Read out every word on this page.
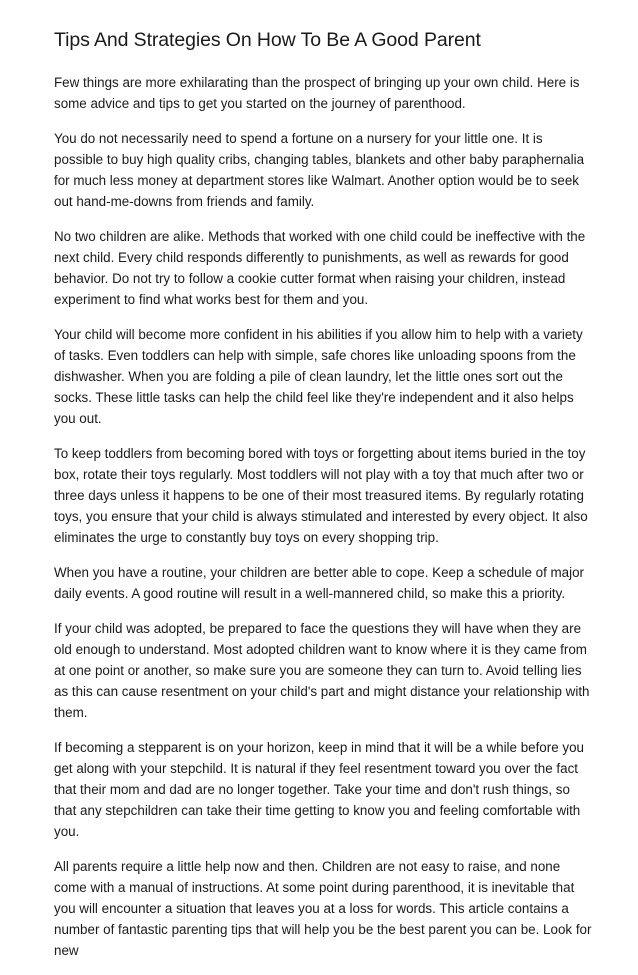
Tips And Strategies On How To Be A Good Parent

Few things are more exhilarating than the prospect of bringing up your own child. Here is some advice and tips to get you started on the journey of parenthood.

You do not necessarily need to spend a fortune on a nursery for your little one. It is possible to buy high quality cribs, changing tables, blankets and other baby paraphernalia for much less money at department stores like Walmart. Another option would be to seek out hand-me-downs from friends and family.

No two children are alike. Methods that worked with one child could be ineffective with the next child. Every child responds differently to punishments, as well as rewards for good behavior. Do not try to follow a cookie cutter format when raising your children, instead experiment to find what works best for them and you.

Your child will become more confident in his abilities if you allow him to help with a variety of tasks. Even toddlers can help with simple, safe chores like unloading spoons from the dishwasher. When you are folding a pile of clean laundry, let the little ones sort out the socks. These little tasks can help the child feel like they're independent and it also helps you out.

To keep toddlers from becoming bored with toys or forgetting about items buried in the toy box, rotate their toys regularly. Most toddlers will not play with a toy that much after two or three days unless it happens to be one of their most treasured items. By regularly rotating toys, you ensure that your child is always stimulated and interested by every object. It also eliminates the urge to constantly buy toys on every shopping trip.

When you have a routine, your children are better able to cope. Keep a schedule of major daily events. A good routine will result in a well-mannered child, so make this a priority.

If your child was adopted, be prepared to face the questions they will have when they are old enough to understand. Most adopted children want to know where it is they came from at one point or another, so make sure you are someone they can turn to. Avoid telling lies as this can cause resentment on your child's part and might distance your relationship with them.

If becoming a stepparent is on your horizon, keep in mind that it will be a while before you get along with your stepchild. It is natural if they feel resentment toward you over the fact that their mom and dad are no longer together. Take your time and don't rush things, so that any stepchildren can take their time getting to know you and feeling comfortable with you.

All parents require a little help now and then. Children are not easy to raise, and none come with a manual of instructions. At some point during parenthood, it is inevitable that you will encounter a situation that leaves you at a loss for words. This article contains a number of fantastic parenting tips that will help you be the best parent you can be. Look for new
